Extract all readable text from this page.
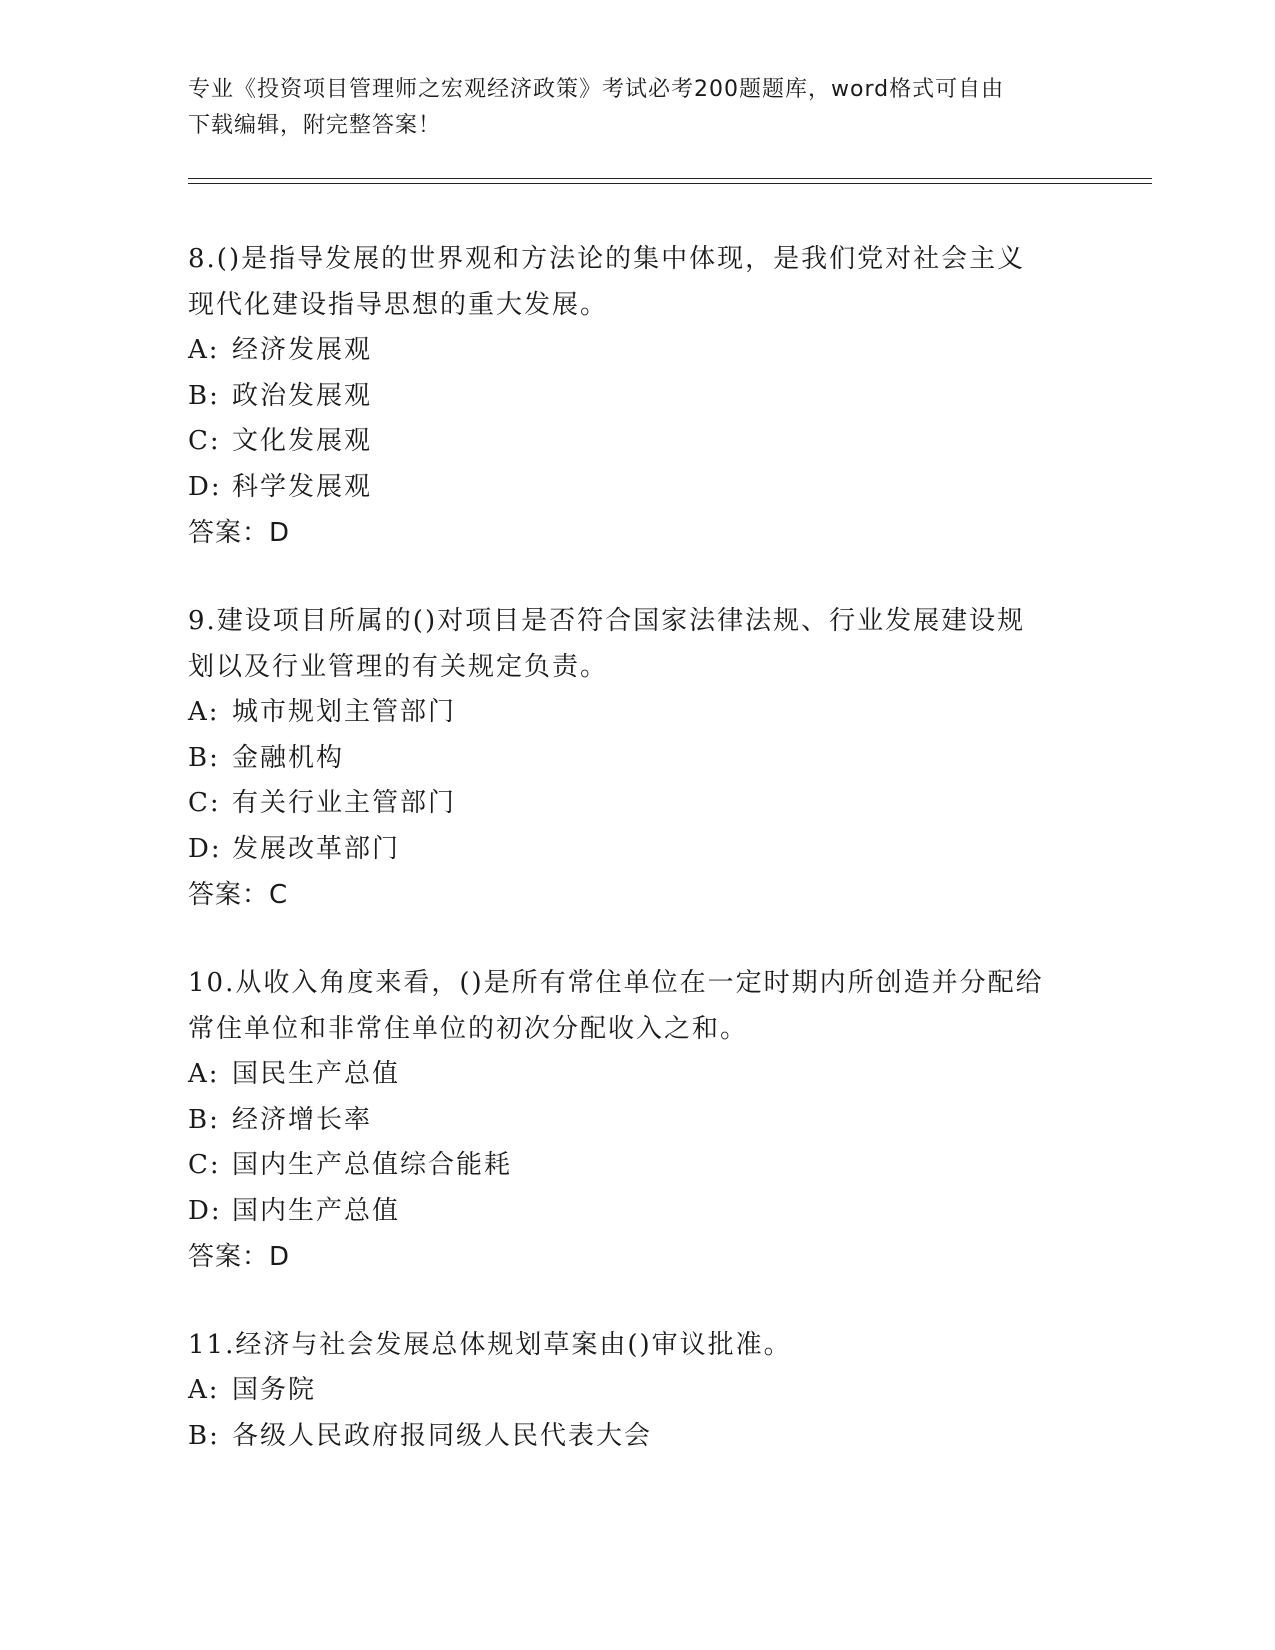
专业《投资项目管理师之宏观经济政策》考试必考200题题库，word格式可自由
下载编辑，附完整答案！

8.()是指导发展的世界观和方法论的集中体现，是我们党对社会主义
现代化建设指导思想的重大发展。

A: 经济发展观
B: 政治发展观
C: 文化发展观
D: 科学发展观
答案：D

9.建设项目所属的()对项目是否符合国家法律法规、行业发展建设规
划以及行业管理的有关规定负责。

A: 城市规划主管部门
B: 金融机构
C: 有关行业主管部门
D: 发展改革部门
答案：C

10.从收入角度来看，()是所有常住单位在一定时期内所创造并分配给
常住单位和非常住单位的初次分配收入之和。

A: 国民生产总值
B: 经济增长率
C: 国内生产总值综合能耗
D: 国内生产总值
答案：D

11.经济与社会发展总体规划草案由()审议批准。

A: 国务院
B: 各级人民政府报同级人民代表大会
